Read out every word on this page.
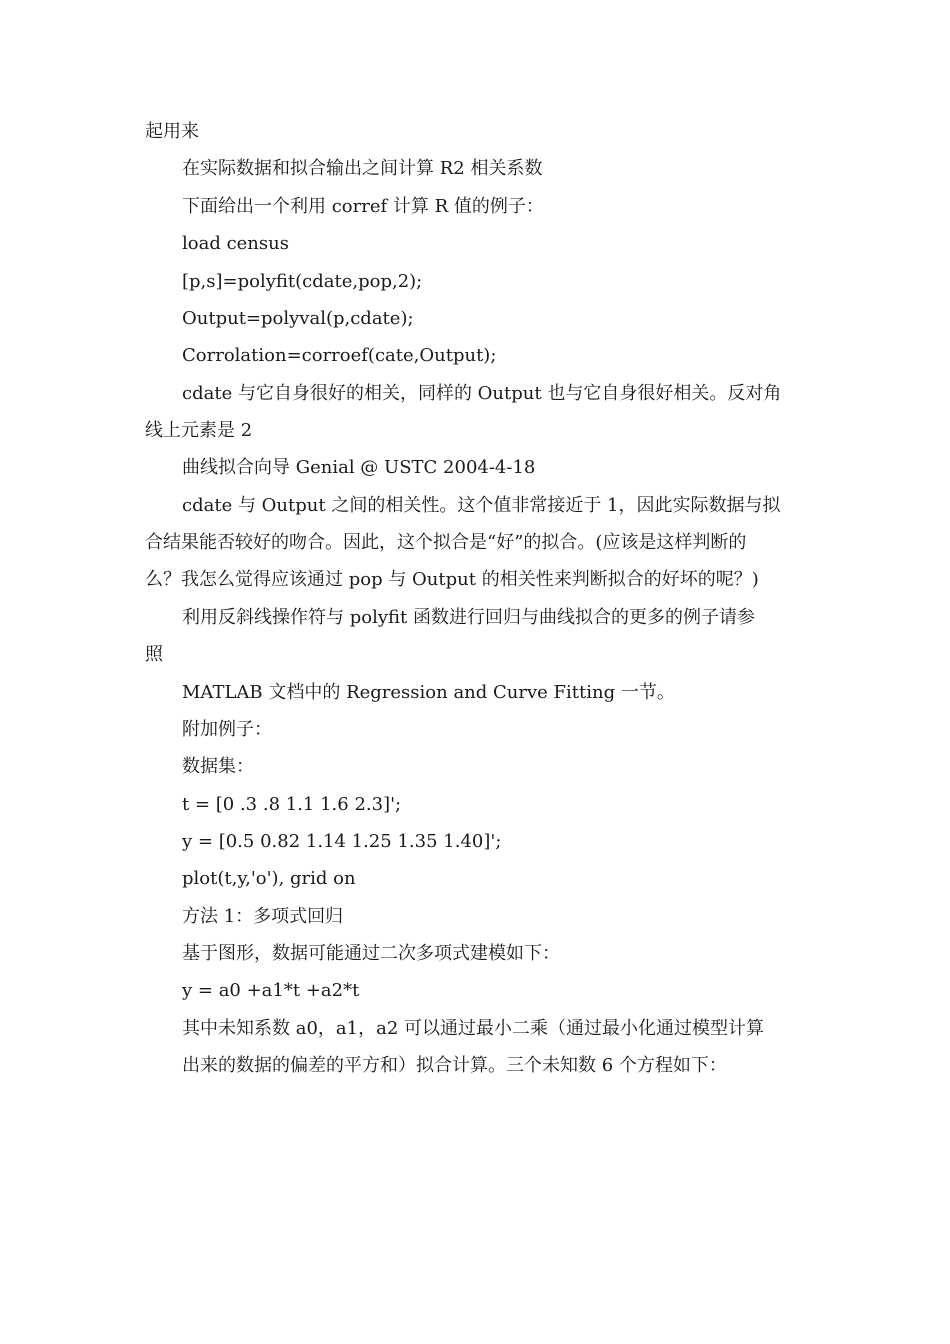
起用来
在实际数据和拟合输出之间计算 R2 相关系数
下面给出一个利用 corref 计算 R 值的例子：
load census
[p,s]=polyfit(cdate,pop,2);
Output=polyval(p,cdate);
Corrolation=corroef(cate,Output);
cdate 与它自身很好的相关，同样的 Output 也与它自身很好相关。反对角
线上元素是 2
曲线拟合向导 Genial @ USTC 2004-4-18
cdate 与 Output 之间的相关性。这个值非常接近于 1，因此实际数据与拟
合结果能否较好的吻合。因此，这个拟合是“好”的拟合。(应该是这样判断的
么？我怎么觉得应该通过 pop 与 Output 的相关性来判断拟合的好坏的呢？)
利用反斜线操作符与 polyfit 函数进行回归与曲线拟合的更多的例子请参
照
MATLAB 文档中的 Regression and Curve Fitting 一节。
附加例子：
数据集：
t = [0 .3 .8 1.1 1.6 2.3]';
y = [0.5 0.82 1.14 1.25 1.35 1.40]';
plot(t,y,'o'), grid on
方法 1：多项式回归
基于图形，数据可能通过二次多项式建模如下：
y = a0 +a1*t +a2*t
其中未知系数 a0，a1，a2 可以通过最小二乘（通过最小化通过模型计算
出来的数据的偏差的平方和）拟合计算。三个未知数 6 个方程如下：
